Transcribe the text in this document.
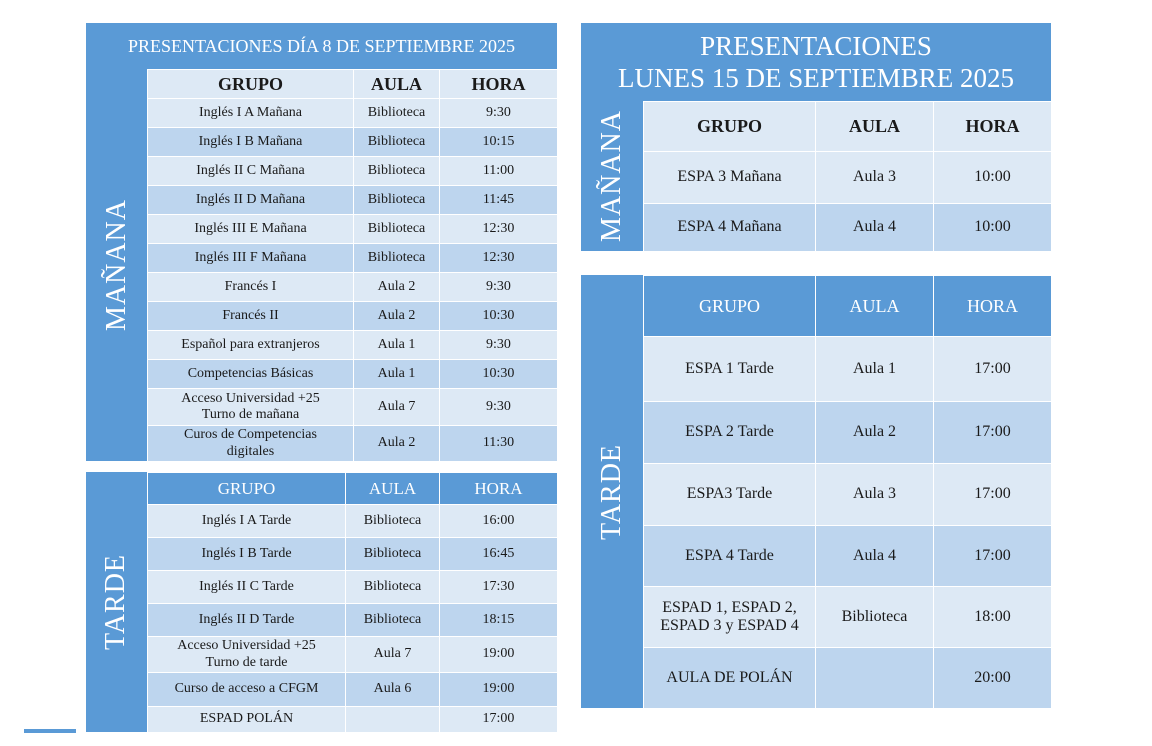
PRESENTACIONES DÍA 8 DE SEPTIEMBRE 2025
MAÑANA
GRUPO	AULA	HORA
Inglés I A Mañana	Biblioteca	9:30
Inglés I B Mañana	Biblioteca	10:15
Inglés II C Mañana	Biblioteca	11:00
Inglés II D Mañana	Biblioteca	11:45
Inglés III E Mañana	Biblioteca	12:30
Inglés III F Mañana	Biblioteca	12:30
Francés I	Aula 2	9:30
Francés II	Aula 2	10:30
Español para extranjeros	Aula 1	9:30
Competencias Básicas	Aula 1	10:30
Acceso Universidad +25
Turno de mañana	Aula 7	9:30
Curos de Competencias
digitales	Aula 2	11:30
TARDE
GRUPO	AULA	HORA
Inglés I A Tarde	Biblioteca	16:00
Inglés I B Tarde	Biblioteca	16:45
Inglés II C Tarde	Biblioteca	17:30
Inglés II D Tarde	Biblioteca	18:15
Acceso Universidad +25
Turno de tarde	Aula 7	19:00
Curso de acceso a CFGM	Aula 6	19:00
ESPAD POLÁN		17:00
PRESENTACIONES
LUNES 15 DE SEPTIEMBRE 2025
MAÑANA	GRUPO	AULA	HORA
ESPA 3 Mañana	Aula 3	10:00
ESPA 4 Mañana	Aula 4	10:00
TARDE
GRUPO	AULA	HORA
ESPA 1 Tarde	Aula 1	17:00
ESPA 2 Tarde	Aula 2	17:00
ESPA3 Tarde	Aula 3	17:00
ESPA 4 Tarde	Aula 4	17:00
ESPAD 1, ESPAD 2,
ESPAD 3 y ESPAD 4	Biblioteca	18:00
AULA DE POLÁN		20:00
